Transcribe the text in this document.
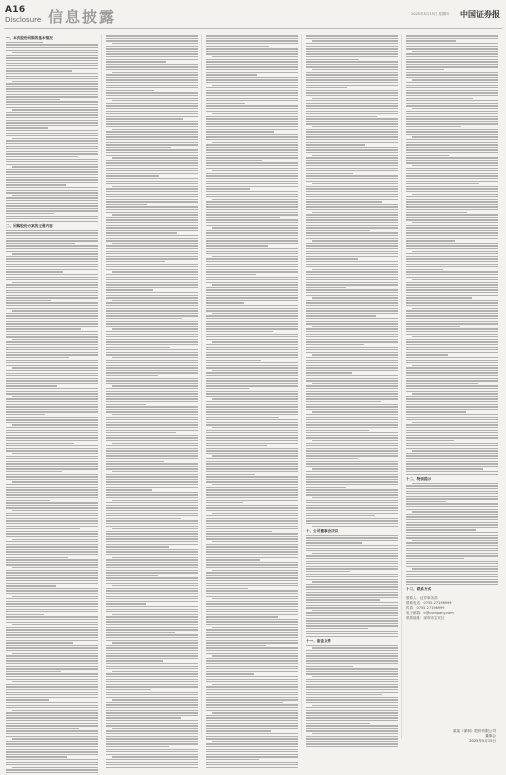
A16
Disclosure 信息披露	2025年5月15日 星期四 中国证券报
一、本次股份回购的基本情况
二、回购股份方案的主要内容
十、公司董事会决议
十一、备查文件
十二、特别提示
十三、联系方式
联系人：证券事务部
联系电话：0755-27198999
传真：0755-27198999
电子邮箱：ir@company.com
联系地址：深圳市宝安区
某某（深圳）股份有限公司
董事会
2025年5月15日
